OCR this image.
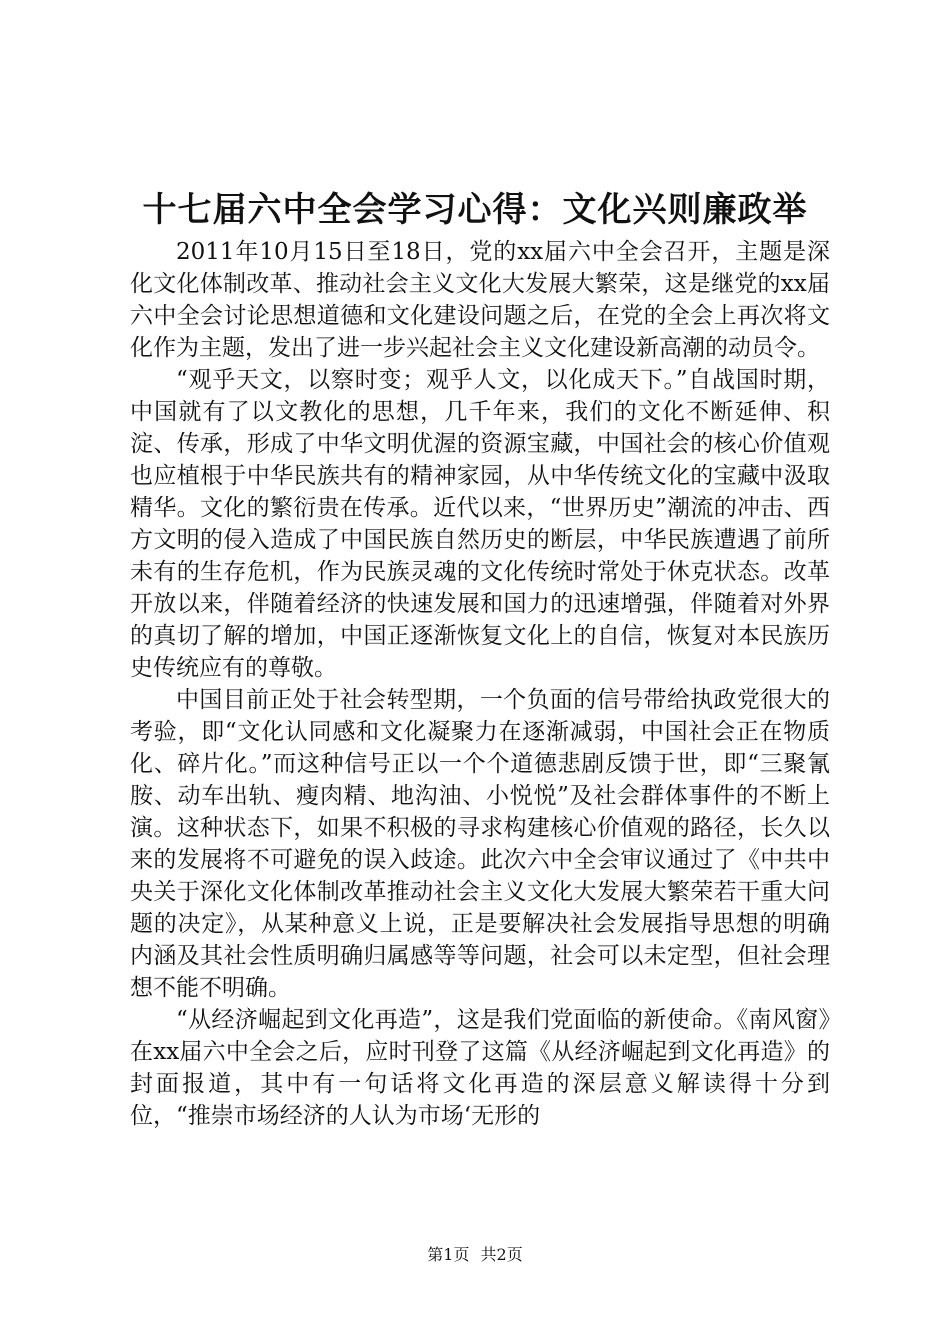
十七届六中全会学习心得：文化兴则廉政举

2011年10月15日至18日，党的xx届六中全会召开，主题是深化文化体制改革、推动社会主义文化大发展大繁荣，这是继党的xx届六中全会讨论思想道德和文化建设问题之后，在党的全会上再次将文化作为主题，发出了进一步兴起社会主义文化建设新高潮的动员令。

“观乎天文，以察时变；观乎人文，以化成天下。”自战国时期，中国就有了以文教化的思想，几千年来，我们的文化不断延伸、积淀、传承，形成了中华文明优渥的资源宝藏，中国社会的核心价值观也应植根于中华民族共有的精神家园，从中华传统文化的宝藏中汲取精华。文化的繁衍贵在传承。近代以来，“世界历史”潮流的冲击、西方文明的侵入造成了中国民族自然历史的断层，中华民族遭遇了前所未有的生存危机，作为民族灵魂的文化传统时常处于休克状态。改革开放以来，伴随着经济的快速发展和国力的迅速增强，伴随着对外界的真切了解的增加，中国正逐渐恢复文化上的自信，恢复对本民族历史传统应有的尊敬。

中国目前正处于社会转型期，一个负面的信号带给执政党很大的考验，即“文化认同感和文化凝聚力在逐渐减弱，中国社会正在物质化、碎片化。”而这种信号正以一个个道德悲剧反馈于世，即“三聚氰胺、动车出轨、瘦肉精、地沟油、小悦悦”及社会群体事件的不断上演。这种状态下，如果不积极的寻求构建核心价值观的路径，长久以来的发展将不可避免的误入歧途。此次六中全会审议通过了《中共中央关于深化文化体制改革推动社会主义文化大发展大繁荣若干重大问题的决定》，从某种意义上说，正是要解决社会发展指导思想的明确内涵及其社会性质明确归属感等等问题，社会可以未定型，但社会理想不能不明确。

“从经济崛起到文化再造”，这是我们党面临的新使命。《南风窗》在xx届六中全会之后，应时刊登了这篇《从经济崛起到文化再造》的封面报道，其中有一句话将文化再造的深层意义解读得十分到位，“推崇市场经济的人认为市场‘无形的

第1页 共2页
